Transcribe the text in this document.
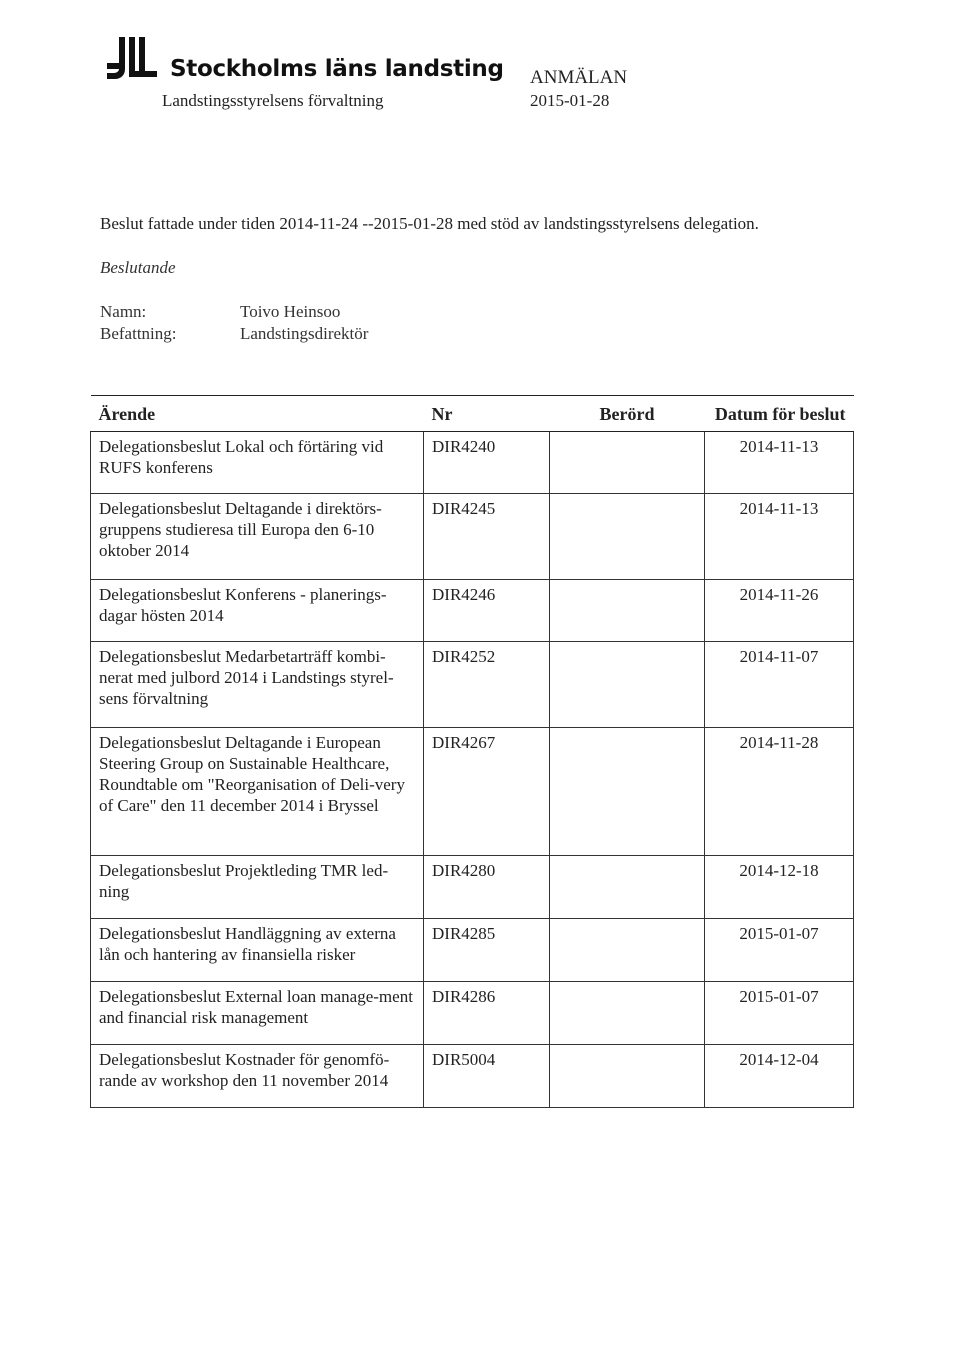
Stockholms läns landsting
Landstingsstyrelsens förvaltning
ANMÄLAN
2015-01-28
Beslut fattade under tiden 2014-11-24 --2015-01-28 med stöd av landstingsstyrelsens delegation.
Beslutande
Namn:	Toivo Heinsoo
Befattning:	Landstingsdirektör
Ärende	Nr	Berörd	Datum för beslut
Delegationsbeslut Lokal och förtäring vid RUFS konferens	DIR4240		2014-11-13
Delegationsbeslut Deltagande i direktörs-gruppens studieresa till Europa den 6-10 oktober 2014	DIR4245		2014-11-13
Delegationsbeslut Konferens - planerings-dagar hösten 2014	DIR4246		2014-11-26
Delegationsbeslut Medarbetarträff kombi-nerat med julbord 2014 i Landstings styrel-sens förvaltning	DIR4252		2014-11-07
Delegationsbeslut Deltagande i European Steering Group on Sustainable Healthcare, Roundtable om "Reorganisation of Deli-very of Care" den 11 december 2014 i Bryssel	DIR4267		2014-11-28
Delegationsbeslut Projektleding TMR led-ning	DIR4280		2014-12-18
Delegationsbeslut Handläggning av externa lån och hantering av finansiella risker	DIR4285		2015-01-07
Delegationsbeslut External loan manage-ment and financial risk management	DIR4286		2015-01-07
Delegationsbeslut Kostnader för genomfö-rande av workshop den 11 november 2014	DIR5004		2014-12-04
